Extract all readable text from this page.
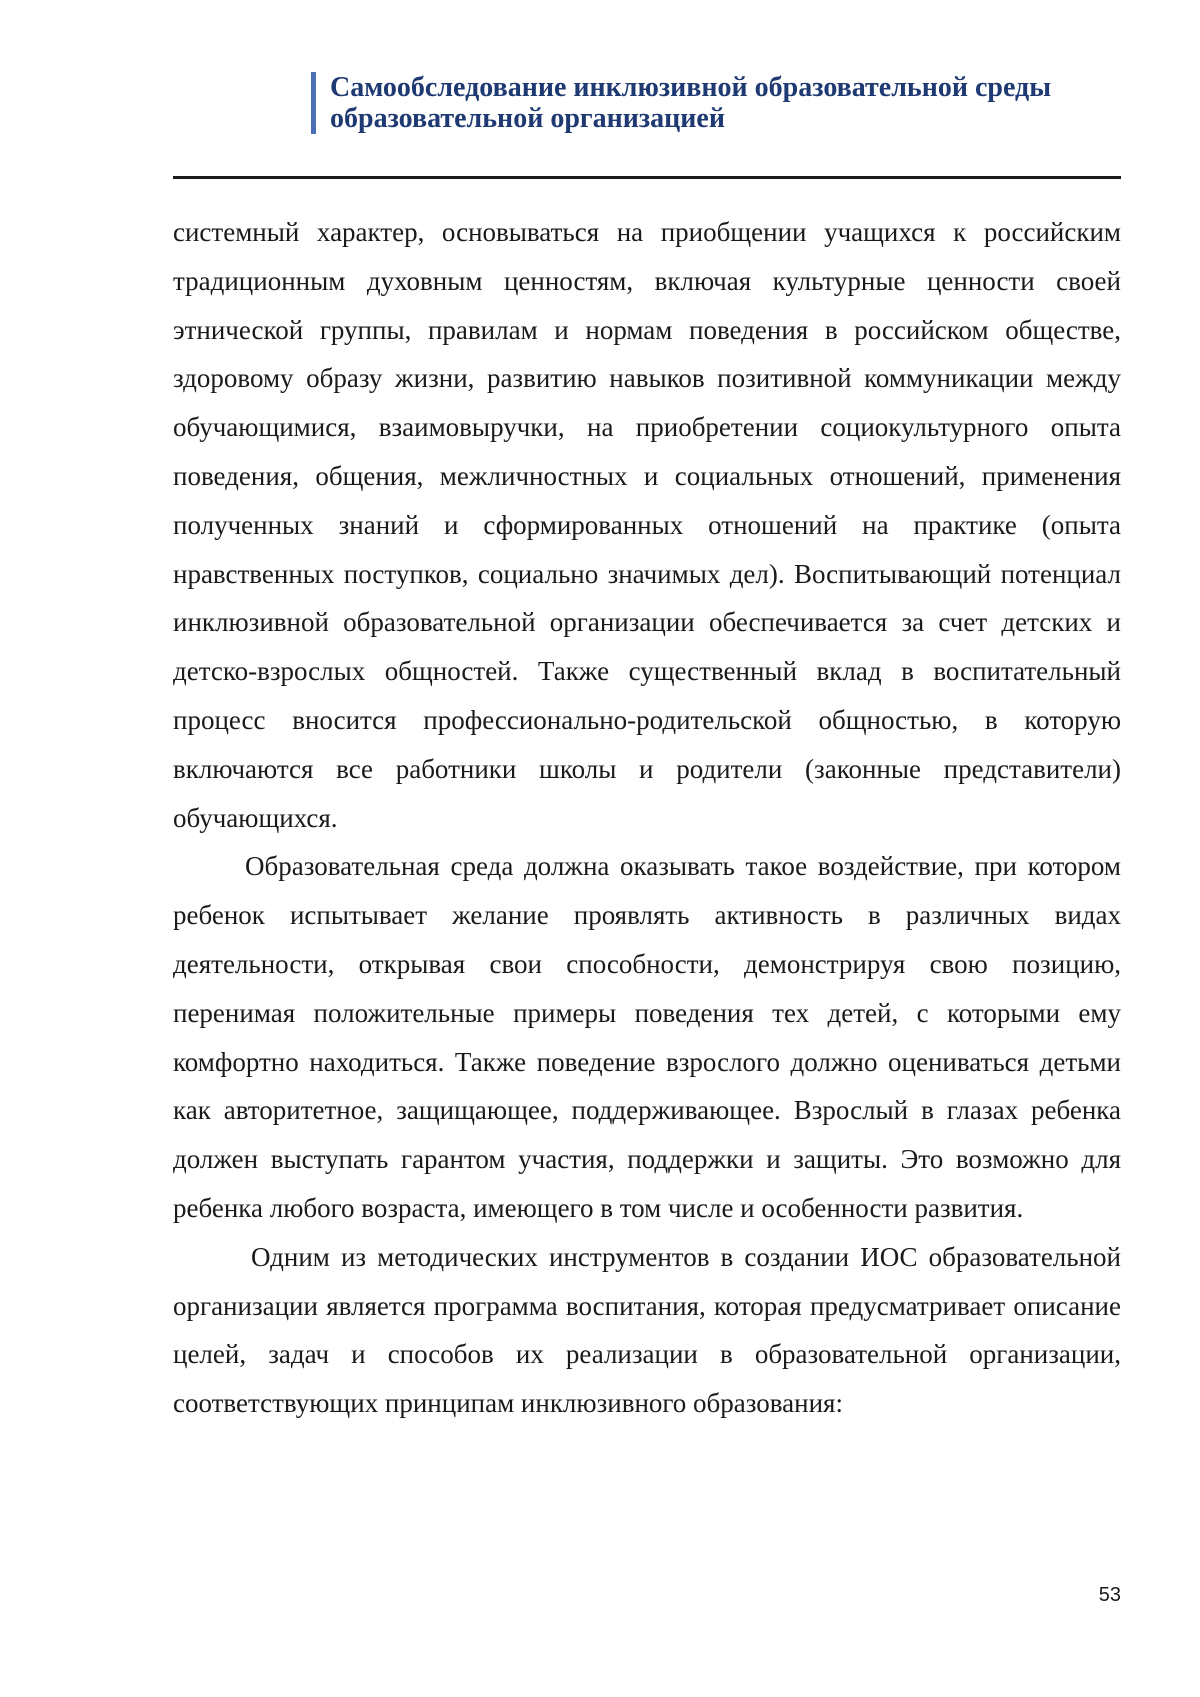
Самообследование инклюзивной образовательной среды образовательной организацией

системный характер, основываться на приобщении учащихся к российским традиционным духовным ценностям, включая культурные ценности своей этнической группы, правилам и нормам поведения в российском обществе, здоровому образу жизни, развитию навыков позитивной коммуникации между обучающимися, взаимовыручки, на приобретении социокультурного опыта поведения, общения, межличностных и социальных отношений, применения полученных знаний и сформированных отношений на практике (опыта нравственных поступков, социально значимых дел). Воспитывающий потенциал инклюзивной образовательной организации обеспечивается за счет детских и детско-взрослых общностей. Также существенный вклад в воспитательный процесс вносится профессионально-родительской общностью, в которую включаются все работники школы и родители (законные представители) обучающихся.

Образовательная среда должна оказывать такое воздействие, при котором ребенок испытывает желание проявлять активность в различных видах деятельности, открывая свои способности, демонстрируя свою позицию, перенимая положительные примеры поведения тех детей, с которыми ему комфортно находиться. Также поведение взрослого должно оцениваться детьми как авторитетное, защищающее, поддерживающее. Взрослый в глазах ребенка должен выступать гарантом участия, поддержки и защиты. Это возможно для ребенка любого возраста, имеющего в том числе и особенности развития.

Одним из методических инструментов в создании ИОС образовательной организации является программа воспитания, которая предусматривает описание целей, задач и способов их реализации в образовательной организации, соответствующих принципам инклюзивного образования:

53
